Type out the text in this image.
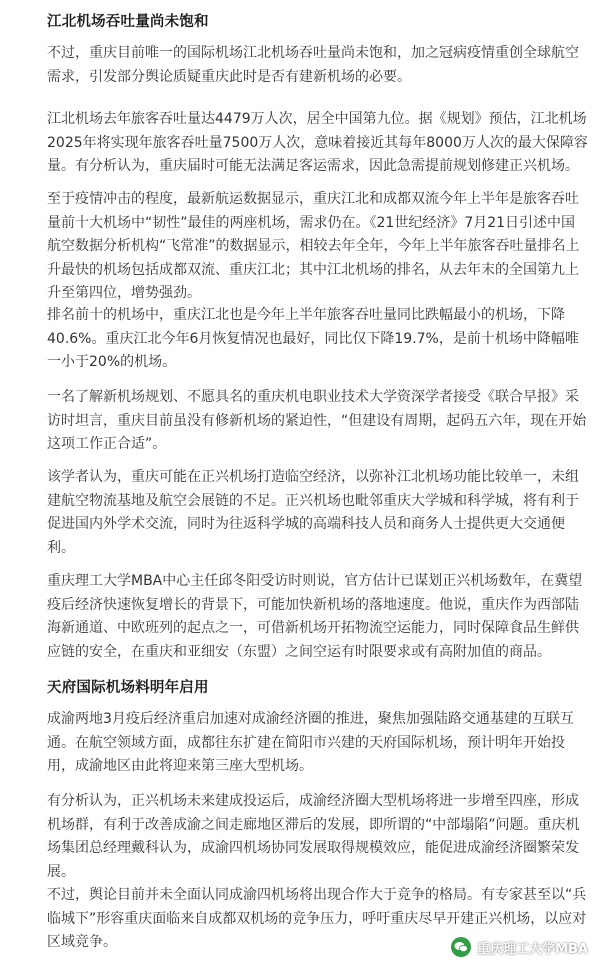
江北机场吞吐量尚未饱和
不过，重庆目前唯一的国际机场江北机场吞吐量尚未饱和，加之冠病疫情重创全球航空
需求，引发部分舆论质疑重庆此时是否有建新机场的必要。
江北机场去年旅客吞吐量达4479万人次，居全中国第九位。据《规划》预估，江北机场
2025年将实现年旅客吞吐量7500万人次，意味着接近其每年8000万人次的最大保障容
量。有分析认为，重庆届时可能无法满足客运需求，因此急需提前规划修建正兴机场。
至于疫情冲击的程度，最新航运数据显示，重庆江北和成都双流今年上半年是旅客吞吐
量前十大机场中“韧性”最佳的两座机场，需求仍在。《21世纪经济》7月21日引述中国
航空数据分析机构“飞常准”的数据显示，相较去年全年，今年上半年旅客吞吐量排名上
升最快的机场包括成都双流、重庆江北；其中江北机场的排名，从去年末的全国第九上
升至第四位，增势强劲。
排名前十的机场中，重庆江北也是今年上半年旅客吞吐量同比跌幅最小的机场，下降
40.6%。重庆江北今年6月恢复情况也最好，同比仅下降19.7%，是前十机场中降幅唯
一小于20%的机场。
一名了解新机场规划、不愿具名的重庆机电职业技术大学资深学者接受《联合早报》采
访时坦言，重庆目前虽没有修新机场的紧迫性，“但建设有周期，起码五六年，现在开始
这项工作正合适”。
该学者认为，重庆可能在正兴机场打造临空经济，以弥补江北机场功能比较单一，未组
建航空物流基地及航空会展链的不足。正兴机场也毗邻重庆大学城和科学城，将有利于
促进国内外学术交流，同时为往返科学城的高端科技人员和商务人士提供更大交通便
利。
重庆理工大学MBA中心主任邱冬阳受访时则说，官方估计已谋划正兴机场数年，在冀望
疫后经济快速恢复增长的背景下，可能加快新机场的落地速度。他说，重庆作为西部陆
海新通道、中欧班列的起点之一，可借新机场开拓物流空运能力，同时保障食品生鲜供
应链的安全，在重庆和亚细安（东盟）之间空运有时限要求或有高附加值的商品。
天府国际机场料明年启用
成渝两地3月疫后经济重启加速对成渝经济圈的推进，聚焦加强陆路交通基建的互联互
通。在航空领域方面，成都往东扩建在简阳市兴建的天府国际机场，预计明年开始投
用，成渝地区由此将迎来第三座大型机场。
有分析认为，正兴机场未来建成投运后，成渝经济圈大型机场将进一步增至四座，形成
机场群，有利于改善成渝之间走廊地区滞后的发展，即所谓的“中部塌陷”问题。重庆机
场集团总经理戴科认为，成渝四机场协同发展取得规模效应，能促进成渝经济圈繁荣发
展。
不过，舆论目前并未全面认同成渝四机场将出现合作大于竞争的格局。有专家甚至以“兵
临城下”形容重庆面临来自成都双机场的竞争压力，呼吁重庆尽早开建正兴机场，以应对
区域竞争。	重庆理工大学MBA
